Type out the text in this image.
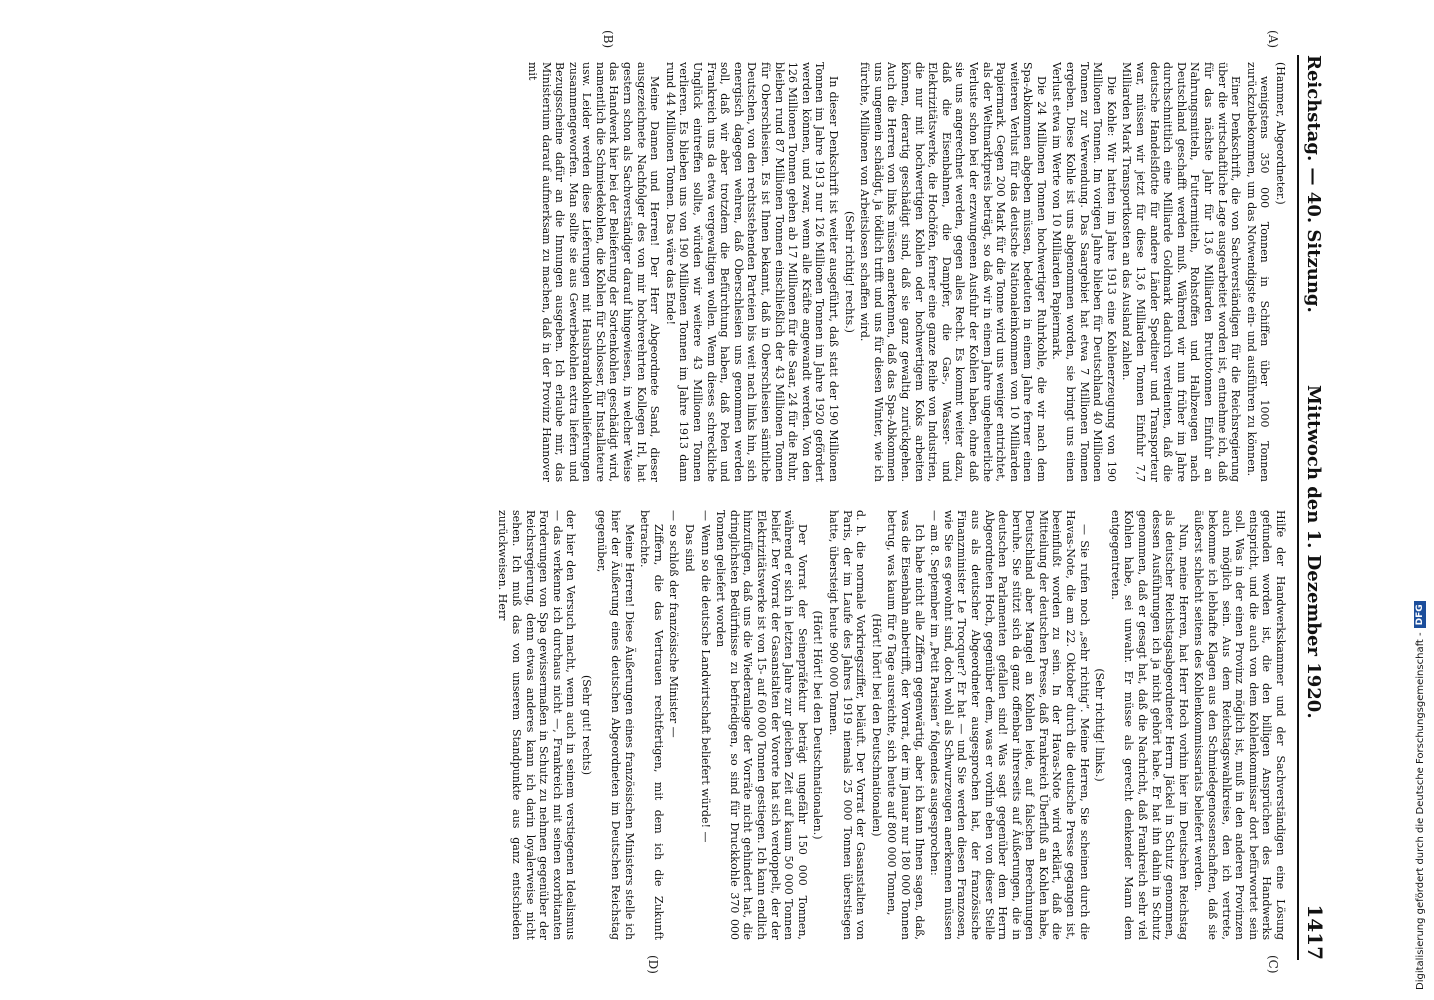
Reichstag. — 40. Sitzung.
Mittwoch den 1. Dezember 1920.
1417

(Hammer, Abgeordneter.)

wenigstens 350 000 Tonnen in Schiffen über 1000 Tonnen zurückzubekommen, um das Notwendigste ein- und ausführen zu können.

Einer Denkschrift, die von Sachverständigen für die Reichsregierung über die wirtschaftliche Lage ausgearbeitet worden ist, entnehme ich, daß für das nächste Jahr für 13,6 Milliarden Bruttotonnen Einfuhr an Nahrungsmitteln, Futtermitteln, Rohstoffen und Halbzeugen nach Deutschland geschafft werden muß. Während wir nun früher im Jahre durchschnittlich eine Milliarde Goldmark dadurch verdienten, daß die deutsche Handelsflotte für andere Länder Spediteur und Transporteur war, müssen wir jetzt für diese 13,6 Milliarden Tonnen Einfuhr 7,7 Milliarden Mark Transportkosten an das Ausland zahlen.

Die Kohle: Wir hatten im Jahre 1913 eine Kohlenerzeugung von 190 Millionen Tonnen. Im vorigen Jahre blieben für Deutschland 40 Millionen Tonnen zur Verwendung. Das Saargebiet hat etwa 7 Millionen Tonnen ergeben. Diese Kohle ist uns abgenommen worden, sie bringt uns einen Verlust etwa im Werte von 10 Milliarden Papiermark.

Die 24 Millionen Tonnen hochwertiger Ruhrkohle, die wir nach dem Spa-Abkommen abgeben müssen, bedeuten in einem Jahre ferner einen weiteren Verlust für das deutsche Nationaleinkommen von 10 Milliarden Papiermark. Gegen 200 Mark für die Tonne wird uns weniger entrichtet, als der Weltmarktpreis beträgt, so daß wir in einem Jahre ungeheuerliche Verluste schon bei der erzwungenen Ausfuhr der Kohlen haben, ohne daß sie uns angerechnet werden, gegen alles Recht. Es kommt weiter dazu, daß die Eisenbahnen, die Dampfer, die Gas-, Wasser- und Elektrizitätswerke, die Hochöfen, ferner eine ganze Reihe von Industrien, die nur mit hochwertigen Kohlen oder hochwertigem Koks arbeiten können, derartig geschädigt sind, daß sie ganz gewaltig zurückgehen. Auch die Herren von links müssen anerkennen, daß das Spa-Abkommen uns ungemein schädigt, ja tödlich trifft und uns für diesen Winter, wie ich fürchte, Millionen von Arbeitslosen schaffen wird.

(Sehr richtig! rechts.)

In dieser Denkschrift ist weiter ausgeführt, daß statt der 190 Millionen Tonnen im Jahre 1913 nur 126 Millionen Tonnen im Jahre 1920 gefördert werden können, und zwar, wenn alle Kräfte angewandt werden. Von den 126 Millionen Tonnen gehen ab 17 Millionen für die Saar, 24 für die Ruhr, bleiben rund 87 Millionen Tonnen einschließlich der 43 Millionen Tonnen für Oberschlesien. Es ist Ihnen bekannt, daß in Oberschlesien sämtliche Deutschen, von den rechtsstehenden Parteien bis weit nach links hin, sich energisch dagegen wehren, daß Oberschlesien uns genommen werden soll, daß wir aber trotzdem die Befürchtung haben, daß Polen und Frankreich uns da etwa vergewaltigen wollen. Wenn dieses schreckliche Unglück eintreffen sollte, würden wir weitere 43 Millionen Tonnen verlieren. Es blieben uns von 190 Millionen Tonnen im Jahre 1913 dann rund 44 Millionen Tonnen. Das wäre das Ende!

Meine Damen und Herren! Der Herr Abgeordnete Sand, dieser ausgezeichnete Nachfolger des von mir hochverehrten Kollegen Irl, hat gestern schon als Sachverständiger darauf hingewiesen, in welcher Weise das Handwerk hier bei der Belieferung der Sortenkohlen geschädigt wird, namentlich die Schmiedekohlen, die Kohlen für Schlosser, für Installateure usw. Leider werden diese Lieferungen mit Hausbrandkohlenlieferungen zusammengeworfen. Man sollte sie aus Gewerbekohlen extra liefern und Bezugsscheine dafür an die Innungen ausgeben. Ich erlaube mir, das Ministerium darauf aufmerksam zu machen, daß in der Provinz Hannover mit

Hilfe der Handwerkskammer und der Sachverständigen eine Lösung gefunden worden ist, die den billigen Ansprüchen des Handwerks entspricht, und die auch von dem Kohlenkommissar dort befürwortet sein soll. Was in der einen Provinz möglich ist, muß in den anderen Provinzen auch möglich sein. Aus dem Reichstagswahlkreise, den ich vertrete, bekomme ich lebhafte Klagen aus den Schmiedegenossenschaften, daß sie äußerst schlecht seitens des Kohlenkommissariats beliefert werden.

Nun, meine Herren, hat Herr Hoch vorhin hier im Deutschen Reichstag als deutscher Reichstagsabgeordneter Herrn Jäckel in Schutz genommen, dessen Ausführungen ich ja nicht gehört habe. Er hat ihn dahin in Schutz genommen, daß er gesagt hat, daß die Nachricht, daß Frankreich sehr viel Kohlen habe, sei unwahr. Er müsse als gerecht denkender Mann dem entgegentreten.

(Sehr richtig! links.)

— Sie rufen noch „sehr richtig“. Meine Herren, Sie scheinen durch die Havas-Note, die am 22. Oktober durch die deutsche Presse gegangen ist, beeinflußt worden zu sein. In der Havas-Note wird erklärt, daß die Mitteilung der deutschen Presse, daß Frankreich Überfluß an Kohlen habe, Deutschland aber Mangel an Kohlen leide, auf falschen Berechnungen beruhe. Sie stützt sich da ganz offenbar ihrerseits auf Äußerungen, die in deutschen Parlamenten gefallen sind! Was sagt gegenüber dem Herrn Abgeordneten Hoch, gegenüber dem, was er vorhin eben von dieser Stelle aus als deutscher Abgeordneter ausgesprochen hat, der französische Finanzminister Le Trocquer? Er hat — und Sie werden diesen Franzosen, wie Sie es gewohnt sind, doch wohl als Schwurzeugen anerkennen müssen — am 8. September im „Petit Parisien“ folgendes ausgesprochen:

Ich habe nicht alle Ziffern gegenwärtig, aber ich kann Ihnen sagen, daß, was die Eisenbahn anbetrifft, der Vorrat, der im Januar nur 180 000 Tonnen betrug, was kaum für 6 Tage ausreichte, sich heute auf 800 000 Tonnen,

(Hört! hört! bei den Deutschnationalen)

d. h. die normale Vorkriegsziffer, beläuft. Der Vorrat der Gasanstalten von Paris, der im Laufe des Jahres 1919 niemals 25 000 Tonnen überstiegen hatte, übersteigt heute 900 000 Tonnen.

(Hört! Hört! bei den Deutschnationalen.)

Der Vorrat der Seinepräfektur beträgt ungefähr 150 000 Tonnen, während er sich in letzten Jahre zur gleichen Zeit auf kaum 50 000 Tonnen belief. Der Vorrat der Gasanstalten der Vororte hat sich verdoppelt, der der Elektrizitätswerke ist von 15- auf 60 000 Tonnen gestiegen. Ich kann endlich hinzufügen, daß uns die Wiederanlage der Vorräte nicht gehindert hat, die dringlichsten Bedürfnisse zu befriedigen, so sind für Druckkohle 370 000 Tonnen geliefert worden

— Wenn so die deutsche Landwirtschaft beliefert würde! —

Das sind

— so schloß der französische Minister —

Ziffern, die das Vertrauen rechtfertigen, mit dem ich die Zukunft betrachte.

Meine Herren! Diese Äußerungen eines französischen Ministers stelle ich hier der Äußerung eines deutschen Abgeordneten im Deutschen Reichstag gegenüber,

(Sehr gut! rechts)

der hier den Versuch macht, wenn auch in seinem verstiegenen Idealismus — das verkenne ich durchaus nicht —, Frankreich mit seinen exorbitanten Forderungen von Spa gewissermaßen in Schutz zu nehmen gegenüber der Reichsregierung, denn etwas anderes kann ich darin loyalerweise nicht sehen. Ich muß das von unserem Standpunkte aus ganz entschieden zurückweisen. Herr

(A)
(B)
(C)
(D)	Digitalisierung gefördert durch die Deutsche Forschungsgemeinschaft -
DFG
